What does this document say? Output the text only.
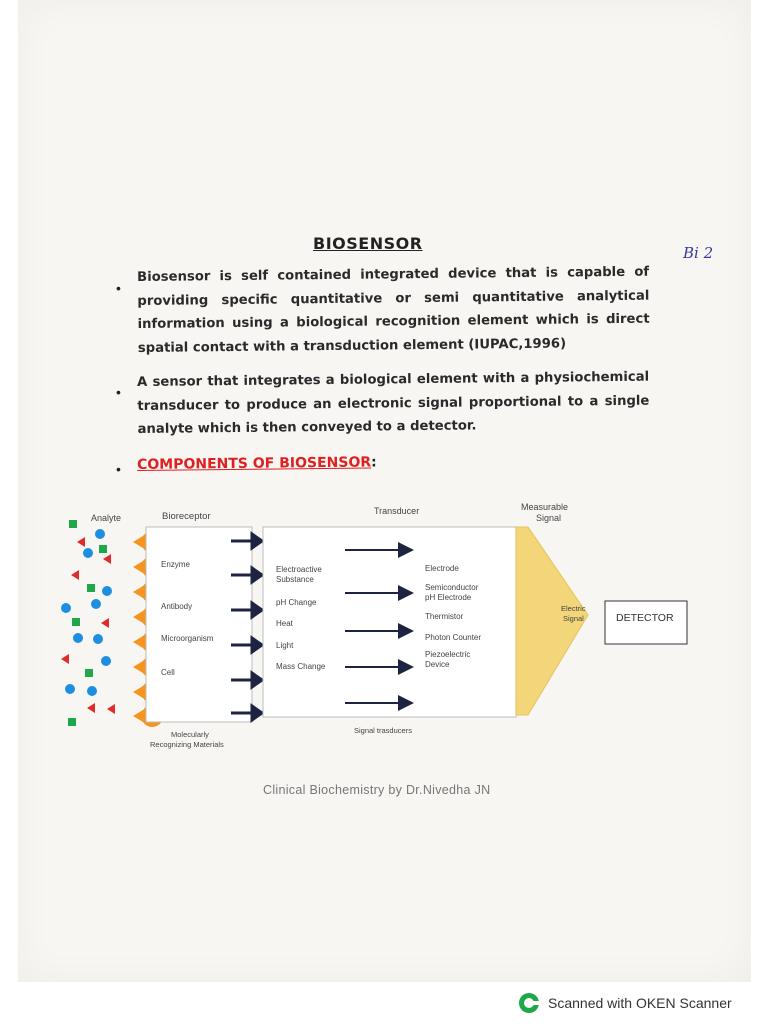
BIOSENSOR	Bi 2
•
Biosensor is self contained integrated device that is capable of providing specific quantitative or semi quantitative analytical information using a biological recognition element which is direct spatial contact with a transduction element (IUPAC,1996)
•
A sensor that integrates a biological element with a physiochemical transducer to produce an electronic signal proportional to a single analyte which is then conveyed to a detector.
• COMPONENTS OF BIOSENSOR:
Analyte	Bioreceptor	Transducer	Measurable
Signal
Enzyme
Antibody
Microorganism
Cell
Molecularly
Recognizing Materials
Electroactive
Substance
pH Change
Heat
Light
Mass Change
Electrode
Semiconductor
pH Electrode
Thermistor
Photon Counter
Piezoelectric
Device
Signal trasducers
Electric
Signal	DETECTOR
Clinical Biochemistry by Dr.Nivedha JN
Scanned with OKEN Scanner
